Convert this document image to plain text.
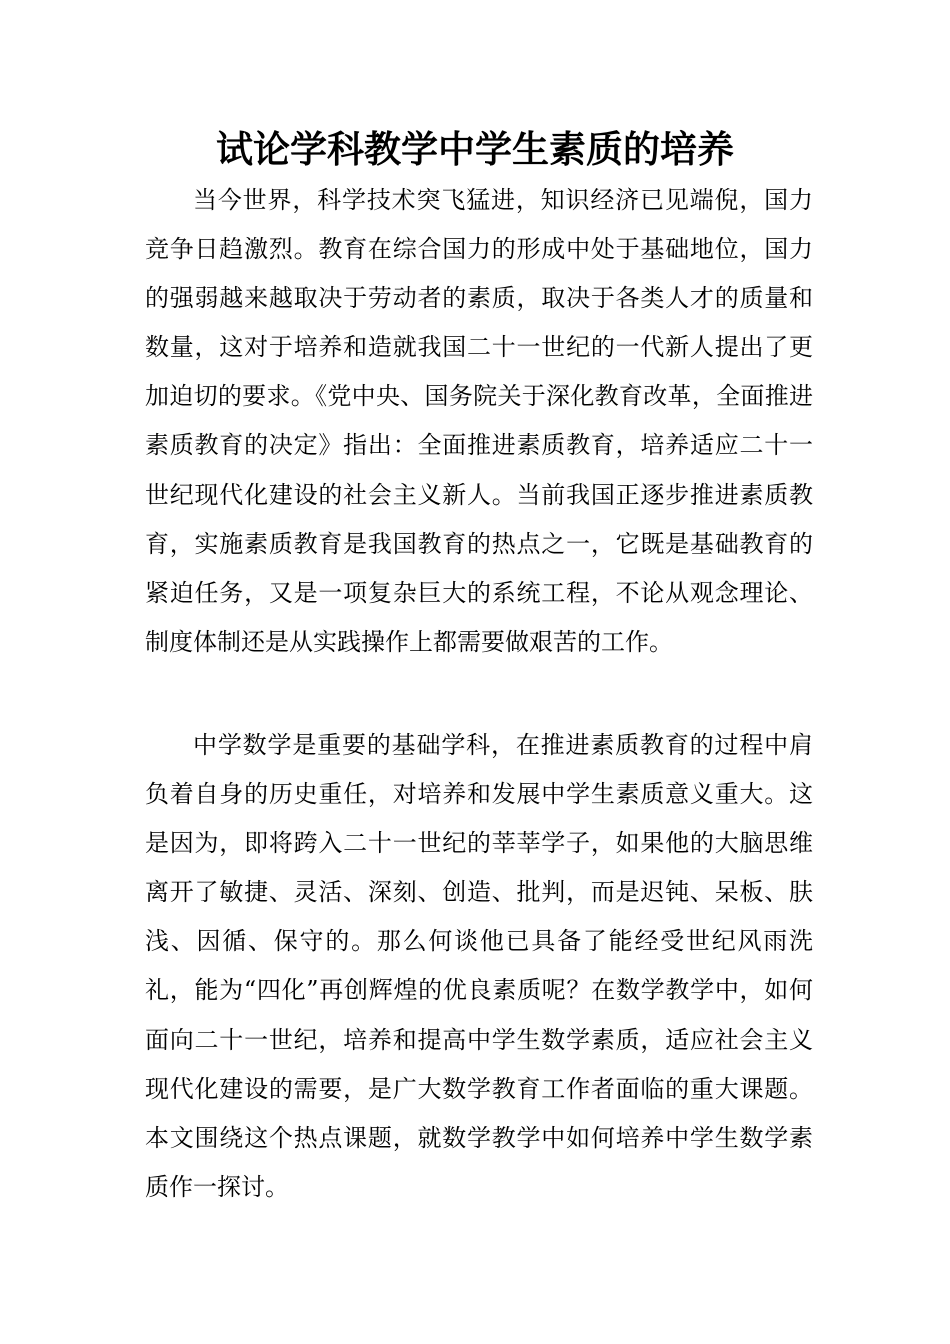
试论学科教学中学生素质的培养

当今世界，科学技术突飞猛进，知识经济已见端倪，国力竞争日趋激烈。教育在综合国力的形成中处于基础地位，国力的强弱越来越取决于劳动者的素质，取决于各类人才的质量和数量，这对于培养和造就我国二十一世纪的一代新人提出了更加迫切的要求。《党中央、国务院关于深化教育改革，全面推进素质教育的决定》指出：全面推进素质教育，培养适应二十一世纪现代化建设的社会主义新人。当前我国正逐步推进素质教育，实施素质教育是我国教育的热点之一，它既是基础教育的紧迫任务，又是一项复杂巨大的系统工程，不论从观念理论、制度体制还是从实践操作上都需要做艰苦的工作。

中学数学是重要的基础学科，在推进素质教育的过程中肩负着自身的历史重任，对培养和发展中学生素质意义重大。这是因为，即将跨入二十一世纪的莘莘学子，如果他的大脑思维离开了敏捷、灵活、深刻、创造、批判，而是迟钝、呆板、肤浅、因循、保守的。那么何谈他已具备了能经受世纪风雨洗礼，能为“四化”再创辉煌的优良素质呢？在数学教学中，如何面向二十一世纪，培养和提高中学生数学素质，适应社会主义现代化建设的需要，是广大数学教育工作者面临的重大课题。本文围绕这个热点课题，就数学教学中如何培养中学生数学素质作一探讨。
